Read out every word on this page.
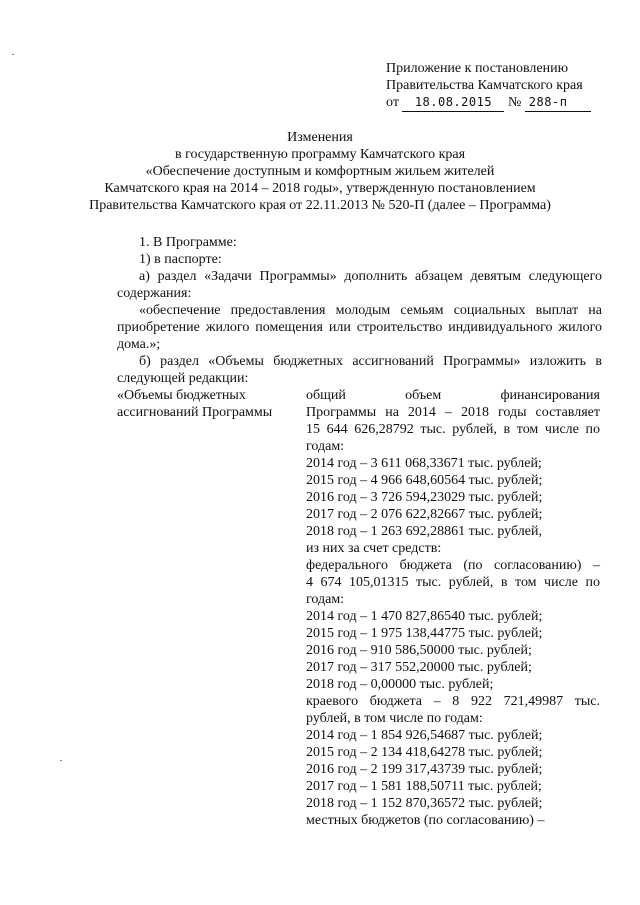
Приложение к постановлению
Правительства Камчатского края
от 18.08.2015 № 288-п
Изменения
в государственную программу Камчатского края
«Обеспечение доступным и комфортным жильем жителей
Камчатского края на 2014 – 2018 годы», утвержденную постановлением
Правительства Камчатского края от 22.11.2013 № 520-П (далее – Программа)
1. В Программе:
1) в паспорте:
а) раздел «Задачи Программы» дополнить абзацем девятым следующего
содержания:
«обеспечение предоставления молодым семьям социальных выплат на
приобретение жилого помещения или строительство индивидуального жилого
дома.»;
б) раздел «Объемы бюджетных ассигнований Программы» изложить в
следующей редакции:
«Объемы бюджетных
ассигнований Программы
общий объем финансирования
Программы на 2014 – 2018 годы составляет
15 644 626,28792 тыс. рублей, в том числе по
годам:
2014 год – 3 611 068,33671 тыс. рублей;
2015 год – 4 966 648,60564 тыс. рублей;
2016 год – 3 726 594,23029 тыс. рублей;
2017 год – 2 076 622,82667 тыс. рублей;
2018 год – 1 263 692,28861 тыс. рублей,
из них за счет средств:
федерального бюджета (по согласованию) –
4 674 105,01315 тыс. рублей, в том числе по
годам:
2014 год – 1 470 827,86540 тыс. рублей;
2015 год – 1 975 138,44775 тыс. рублей;
2016 год – 910 586,50000 тыс. рублей;
2017 год – 317 552,20000 тыс. рублей;
2018 год – 0,00000 тыс. рублей;
краевого бюджета – 8 922 721,49987 тыс.
рублей, в том числе по годам:
2014 год – 1 854 926,54687 тыс. рублей;
2015 год – 2 134 418,64278 тыс. рублей;
2016 год – 2 199 317,43739 тыс. рублей;
2017 год – 1 581 188,50711 тыс. рублей;
2018 год – 1 152 870,36572 тыс. рублей;
местных бюджетов (по согласованию) –
